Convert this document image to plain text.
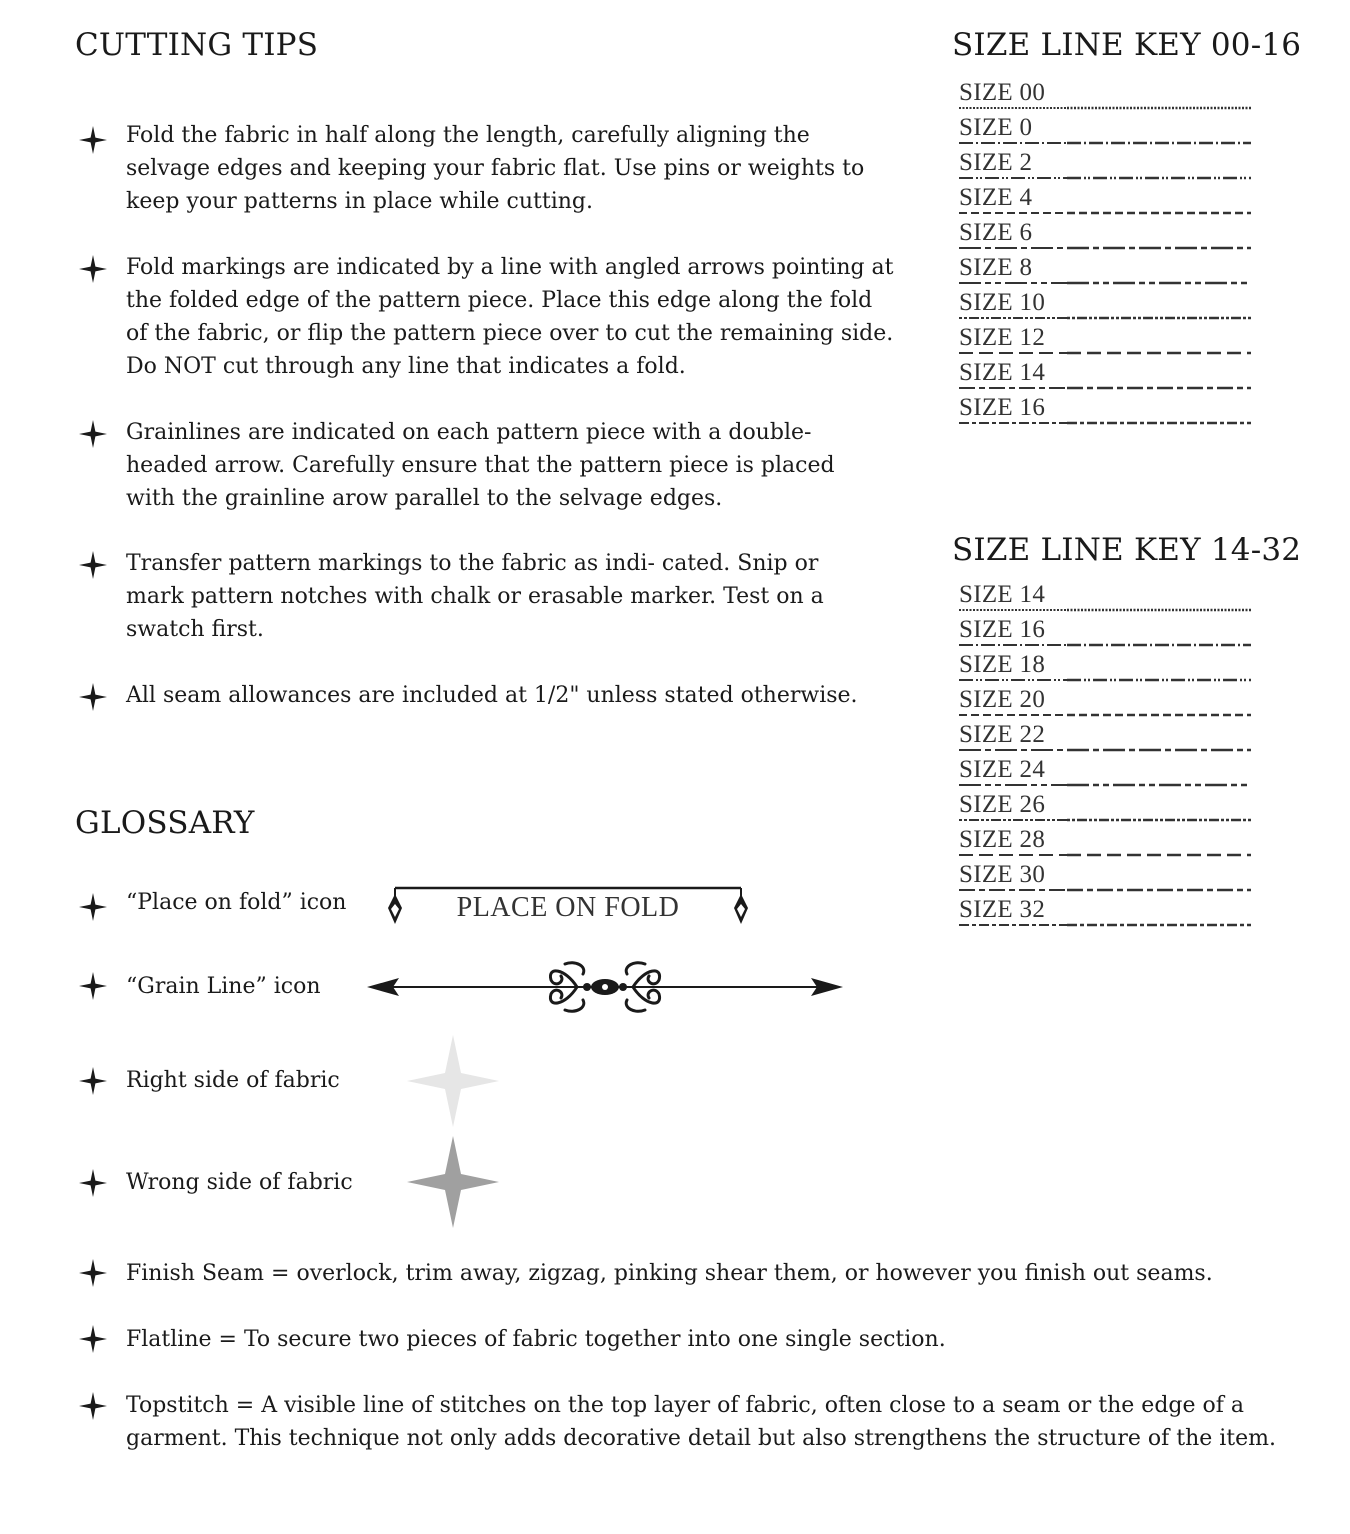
CUTTING TIPS
Fold the fabric in half along the length, carefully aligning the selvage edges and keeping your fabric flat. Use pins or weights to keep your patterns in place while cutting.
Fold markings are indicated by a line with angled arrows pointing at the folded edge of the pattern piece. Place this edge along the fold of the fabric, or flip the pattern piece over to cut the remaining side. Do NOT cut through any line that indicates a fold.
Grainlines are indicated on each pattern piece with a double-headed arrow. Carefully ensure that the pattern piece is placed with the grainline arow parallel to the selvage edges.
Transfer pattern markings to the fabric as indi- cated. Snip or mark pattern notches with chalk or erasable marker. Test on a swatch first.
All seam allowances are included at 1/2" unless stated otherwise.
GLOSSARY
“Place on fold” icon	PLACE ON FOLD
“Grain Line” icon
Right side of fabric
Wrong side of fabric
Finish Seam = overlock, trim away, zigzag, pinking shear them, or however you finish out seams.
Flatline = To secure two pieces of fabric together into one single section.
Topstitch = A visible line of stitches on the top layer of fabric, often close to a seam or the edge of a garment. This technique not only adds decorative detail but also strengthens the structure of the item.
SIZE LINE KEY 00-16
SIZE 00
SIZE 0
SIZE 2
SIZE 4
SIZE 6
SIZE 8
SIZE 10
SIZE 12
SIZE 14
SIZE 16
SIZE LINE KEY 14-32
SIZE 14
SIZE 16
SIZE 18
SIZE 20
SIZE 22
SIZE 24
SIZE 26
SIZE 28
SIZE 30
SIZE 32
